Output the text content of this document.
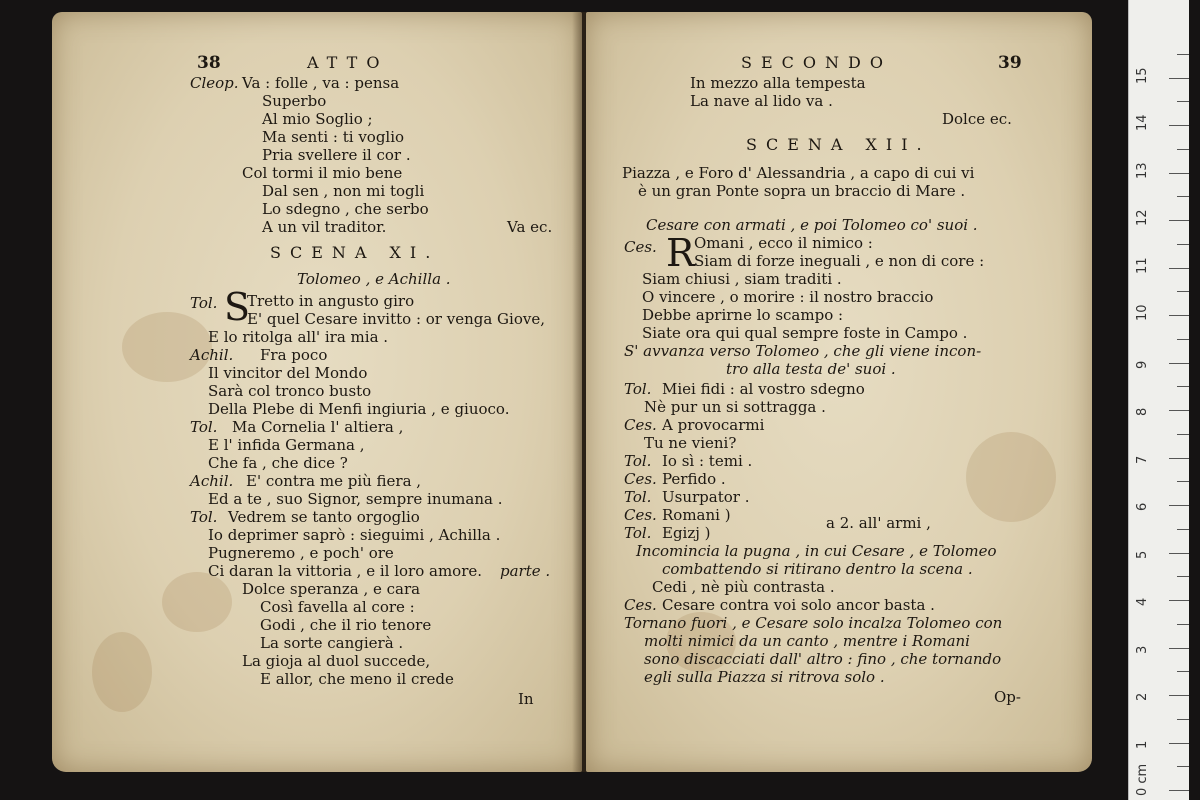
38	ATTO
Cleop. Va : folle , va : pensa
Superbo
Al mio Soglio ;
Ma senti : ti voglio
Pria svellere il cor .
Col tormi il mio bene
Dal sen , non mi togli
Lo sdegno , che serbo
A un vil traditor.	Va ec.
SCENA XI.
Tolomeo , e Achilla .
Tol. S
Tretto in angusto giro
E' quel Cesare invitto : or venga Giove,
E lo ritolga all' ira mia .
Achil. Fra poco
Il vincitor del Mondo
Sarà col tronco busto
Della Plebe di Menfi ingiuria , e giuoco.
Tol. Ma Cornelia l' altiera ,
E l' infida Germana ,
Che fa , che dice ?
Achil. E' contra me più fiera ,
Ed a te , suo Signor, sempre inumana .
Tol. Vedrem se tanto orgoglio
Io deprimer saprò : sieguimi , Achilla .
Pugneremo , e poch' ore
Ci daran la vittoria , e il loro amore. parte .
Dolce speranza , e cara
Così favella al core :
Godi , che il rio tenore
La sorte cangierà .
La gioja al duol succede,
E allor, che meno il crede
In
SECONDO	39
In mezzo alla tempesta
La nave al lido va .
Dolce ec.
SCENA XII.
Piazza , e Foro d' Alessandria , a capo di cui vi
è un gran Ponte sopra un braccio di Mare .
Cesare con armati , e poi Tolomeo co' suoi .
Ces. R Omani , ecco il nimico :
Siam di forze ineguali , e non di core :
Siam chiusi , siam traditi .
O vincere , o morire : il nostro braccio
Debbe aprirne lo scampo :
Siate ora qui qual sempre foste in Campo .
S' avvanza verso Tolomeo , che gli viene incon-
tro alla testa de' suoi .
Tol. Miei fidi : al vostro sdegno
Nè pur un si sottragga .
Ces. A provocarmi
Tu ne vieni?
Tol. Io sì : temi .
Ces. Perfido .
Tol. Usurpator .
Ces. Romani )
Tol. Egizj )
a 2. all' armi ,
Incomincia la pugna , in cui Cesare , e Tolomeo
combattendo si ritirano dentro la scena .
Cedi , nè più contrasta .
Ces. Cesare contra voi solo ancor basta .
Tornano fuori , e Cesare solo incalza Tolomeo con
molti nimici da un canto , mentre i Romani
sono discacciati dall' altro : fino , che tornando
egli sulla Piazza si ritrova solo .
Op-
0 cm
1
2
3
4
5
6
7
8
9
10
11
12
13
14
15
